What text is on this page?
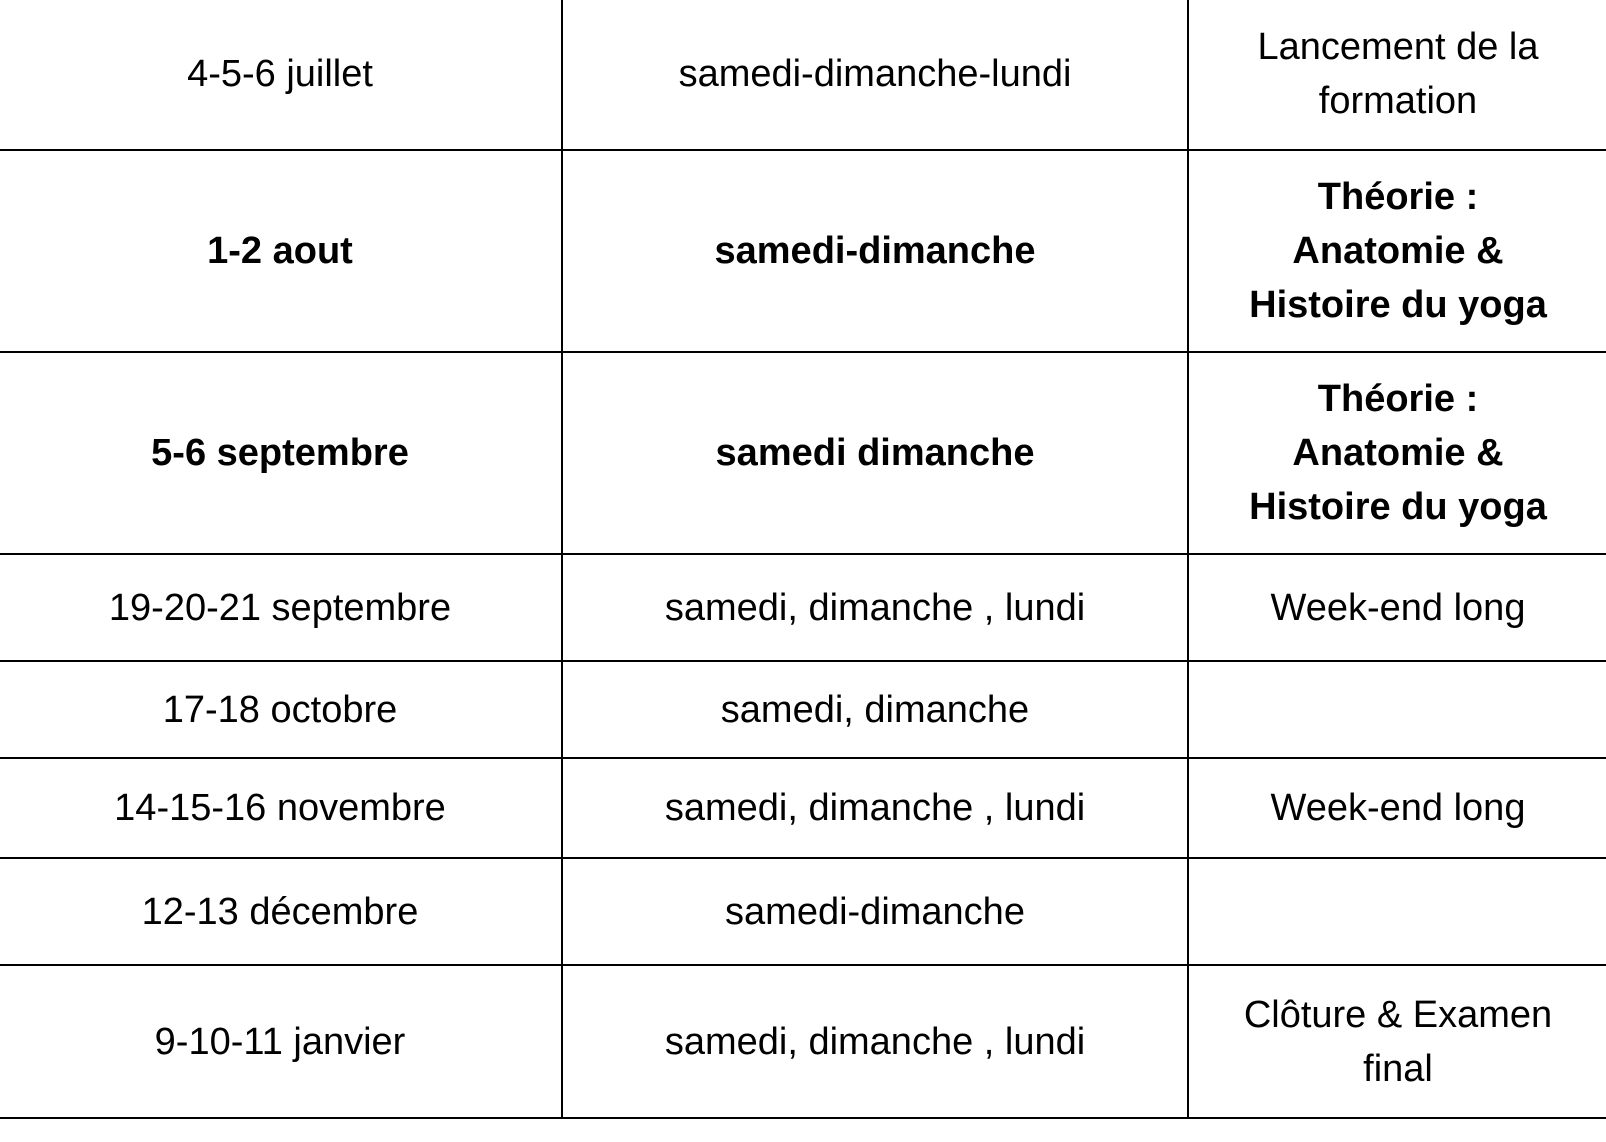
4-5-6 juillet	samedi-dimanche-lundi	Lancement de la
formation
1-2 aout	samedi-dimanche	Théorie :
Anatomie &
Histoire du yoga
5-6 septembre	samedi dimanche	Théorie :
Anatomie &
Histoire du yoga
19-20-21 septembre	samedi, dimanche , lundi	Week-end long
17-18 octobre	samedi, dimanche	
14-15-16 novembre	samedi, dimanche , lundi	Week-end long
12-13 décembre	samedi-dimanche	
9-10-11 janvier	samedi, dimanche , lundi	Clôture & Examen
final
